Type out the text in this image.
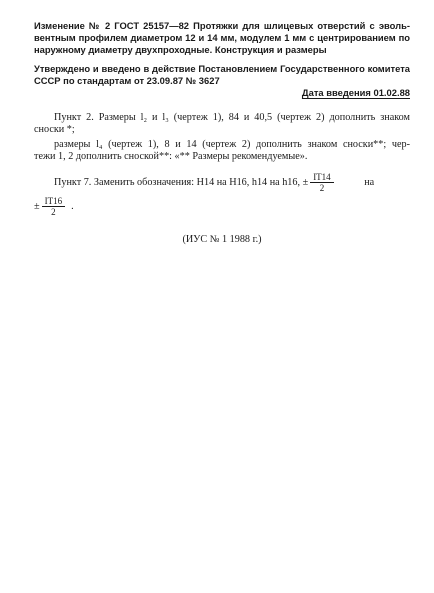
Изменение № 2 ГОСТ 25157—82 Протяжки для шлицевых отверстий с эволь-
вентным профилем диаметром 12 и 14 мм, модулем 1 мм с центрированием по
наружному диаметру двухпроходные. Конструкция и размеры
Утверждено и введено в действие Постановлением Государственного комитета
СССР по стандартам от 23.09.87 № 3627
Дата введения 01.02.88
Пункт 2. Размеры l₂ и l₃ (чертеж 1), 84 и 40,5 (чертеж 2) дополнить знаком
сноски *;
размеры l₄ (чертеж 1), 8 и 14 (чертеж 2) дополнить знаком сноски**; чер-
тежи 1, 2 дополнить сноской**: «** Размеры рекомендуемые».
Пункт 7. Заменить обозначения: H14 на H16, h14 на h16, ± $\frac{IT14}{2}$	на
± $\frac{IT16}{2}$ .
(ИУС № 1 1988 г.)
